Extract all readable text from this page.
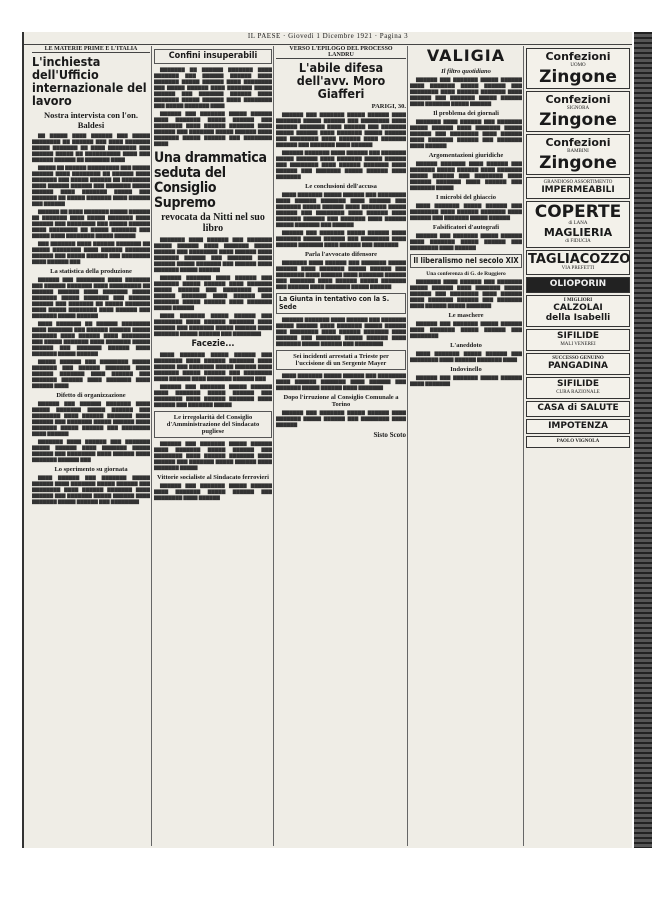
IL PAESE · Giovedì 1 Dicembre 1921 · Pagina 3
LE MATERIE PRIME E L'ITALIA
L'inchiesta dell'Ufficio internazionale del lavoro
Nostra intervista con l'on. Baldesi

▇▇ ▇▇▇▇▇ ▇▇▇▇ ▇▇▇▇▇▇ ▇▇▇ ▇▇▇▇▇ ▇▇▇▇▇▇▇▇ ▇▇ ▇▇▇▇▇▇ ▇▇▇ ▇▇▇▇ ▇▇▇▇▇▇▇ ▇▇▇▇▇ ▇▇▇▇▇▇▇ ▇▇ ▇▇▇▇ ▇▇▇▇▇▇▇▇ ▇▇▇ ▇▇▇▇▇▇ ▇▇▇▇▇ ▇▇ ▇▇▇▇▇▇▇▇▇▇ ▇▇▇▇ ▇▇▇ ▇▇▇▇▇▇ ▇▇▇▇▇▇ ▇▇ ▇▇▇▇▇▇▇ ▇▇▇▇

▇▇▇▇▇ ▇▇ ▇▇▇▇▇▇ ▇▇▇▇▇▇▇▇▇ ▇▇▇ ▇▇▇▇▇ ▇▇▇▇▇▇ ▇▇▇▇ ▇▇▇▇▇▇▇▇ ▇▇ ▇▇▇▇▇▇ ▇▇▇▇ ▇▇▇▇▇▇▇ ▇▇▇ ▇▇▇▇▇ ▇▇▇▇▇▇ ▇▇ ▇▇▇▇▇▇▇▇ ▇▇▇▇ ▇▇▇▇▇▇ ▇▇▇▇▇▇ ▇▇▇ ▇▇▇▇▇▇▇ ▇▇▇▇▇ ▇▇▇▇▇▇ ▇▇▇▇ ▇▇▇▇▇▇▇ ▇▇▇▇▇ ▇▇▇ ▇▇▇▇▇▇▇ ▇▇ ▇▇▇▇▇ ▇▇▇▇▇▇▇ ▇▇▇▇ ▇▇▇▇▇▇ ▇▇▇ ▇▇▇▇▇▇

▇▇▇▇▇▇ ▇▇ ▇▇▇▇ ▇▇▇▇▇▇▇ ▇▇▇▇▇ ▇▇▇▇▇▇ ▇▇ ▇▇▇▇▇▇▇ ▇▇▇▇ ▇▇▇▇▇ ▇▇▇▇▇▇▇ ▇▇▇▇ ▇▇▇▇▇▇ ▇▇▇ ▇▇▇▇▇▇▇▇ ▇▇▇ ▇▇▇▇▇ ▇▇▇▇▇▇ ▇▇▇▇ ▇▇▇▇▇▇▇▇ ▇▇ ▇▇▇▇▇ ▇▇▇▇▇▇▇ ▇▇▇ ▇▇▇▇▇ ▇▇▇▇ ▇▇▇▇▇▇▇▇ ▇▇▇▇▇ ▇▇▇▇▇▇

▇▇▇ ▇▇▇▇▇▇▇ ▇▇▇▇ ▇▇▇▇▇▇ ▇▇▇▇▇▇▇ ▇▇ ▇▇▇▇▇ ▇▇▇▇▇▇▇▇ ▇▇▇▇ ▇▇▇▇▇▇ ▇▇▇▇▇▇▇ ▇▇▇▇▇▇ ▇▇▇ ▇▇▇▇▇ ▇▇▇▇▇▇ ▇▇▇ ▇▇▇▇▇▇▇▇ ▇▇▇▇ ▇▇▇▇▇▇ ▇▇▇

La statistica della produzione

▇▇▇▇▇▇ ▇▇▇ ▇▇▇▇▇▇▇▇ ▇▇▇▇ ▇▇▇▇▇▇▇ ▇▇▇ ▇▇▇▇▇▇ ▇▇▇▇▇▇▇ ▇▇▇▇ ▇▇▇▇▇▇▇▇▇ ▇▇ ▇▇▇▇▇▇ ▇▇▇▇▇▇ ▇▇▇▇ ▇▇▇▇▇▇▇ ▇▇▇▇▇ ▇▇▇▇▇▇▇ ▇▇▇▇▇ ▇▇▇▇▇▇▇ ▇▇▇ ▇▇▇▇▇▇ ▇▇▇▇▇▇ ▇▇▇ ▇▇▇▇▇▇▇ ▇▇ ▇▇▇▇▇ ▇▇▇▇▇▇▇ ▇▇▇▇ ▇▇▇▇▇ ▇▇▇▇▇▇▇▇ ▇▇▇▇ ▇▇▇▇▇▇ ▇▇▇ ▇▇▇▇▇▇▇ ▇▇▇▇▇ ▇▇▇▇▇▇

▇▇▇▇ ▇▇▇▇▇▇▇ ▇▇ ▇▇▇▇▇▇ ▇▇▇▇▇▇▇▇ ▇▇▇▇ ▇▇▇▇▇▇▇ ▇▇▇ ▇▇▇▇▇▇ ▇▇▇▇▇▇ ▇▇▇▇▇ ▇▇▇▇▇▇▇ ▇▇▇▇ ▇▇▇▇▇▇ ▇▇▇▇ ▇▇▇▇▇▇▇▇ ▇▇▇ ▇▇▇▇▇ ▇▇▇▇▇▇▇ ▇▇▇▇ ▇▇▇▇▇▇▇ ▇▇▇▇▇ ▇▇▇▇▇▇ ▇▇▇ ▇▇▇▇▇▇▇ ▇▇▇▇▇▇ ▇▇▇▇ ▇▇▇▇▇▇▇ ▇▇▇▇▇ ▇▇▇▇▇▇

▇▇▇▇▇ ▇▇▇▇▇▇ ▇▇▇ ▇▇▇▇▇▇▇▇ ▇▇▇▇▇ ▇▇▇▇▇▇▇ ▇▇▇ ▇▇▇▇▇▇ ▇▇▇▇▇▇▇ ▇▇▇▇ ▇▇▇▇▇▇ ▇▇▇▇▇▇▇ ▇▇▇▇ ▇▇▇▇▇▇ ▇▇▇ ▇▇▇▇▇▇▇ ▇▇▇▇▇▇ ▇▇▇▇ ▇▇▇▇▇▇▇ ▇▇▇▇ ▇▇▇▇▇▇ ▇▇▇▇

Difetto di organizzazione

▇▇▇▇▇▇ ▇▇▇ ▇▇▇▇▇▇ ▇▇▇▇▇▇▇ ▇▇▇▇ ▇▇▇▇▇ ▇▇▇▇▇▇▇ ▇▇▇▇▇ ▇▇▇▇▇▇ ▇▇▇ ▇▇▇▇▇▇▇▇ ▇▇▇▇ ▇▇▇▇▇▇ ▇▇▇▇▇▇▇ ▇▇▇▇ ▇▇▇▇▇▇ ▇▇▇ ▇▇▇▇▇▇▇ ▇▇▇▇▇ ▇▇▇▇▇▇ ▇▇▇▇ ▇▇▇▇▇▇▇ ▇▇▇▇▇ ▇▇▇▇▇▇ ▇▇▇ ▇▇▇▇▇▇▇▇ ▇▇▇▇ ▇▇▇▇▇▇

▇▇▇▇▇▇▇ ▇▇▇▇ ▇▇▇▇▇▇ ▇▇▇ ▇▇▇▇▇▇▇ ▇▇▇▇▇ ▇▇▇▇▇▇ ▇▇▇▇ ▇▇▇▇▇▇▇ ▇▇▇▇▇ ▇▇▇▇▇▇ ▇▇▇ ▇▇▇▇▇▇▇▇ ▇▇▇▇ ▇▇▇▇▇▇ ▇▇▇▇ ▇▇▇▇▇▇▇ ▇▇▇▇▇▇ ▇▇▇

Lo sperimento su giornata

▇▇▇▇ ▇▇▇▇▇▇ ▇▇▇ ▇▇▇▇▇▇▇ ▇▇▇▇▇ ▇▇▇▇▇▇ ▇▇▇▇ ▇▇▇▇▇▇▇ ▇▇▇▇▇ ▇▇▇▇▇▇ ▇▇▇ ▇▇▇▇▇▇▇▇ ▇▇▇▇ ▇▇▇▇▇▇ ▇▇▇▇▇▇▇ ▇▇▇▇ ▇▇▇▇▇▇ ▇▇▇ ▇▇▇▇▇▇▇ ▇▇▇▇▇ ▇▇▇▇▇▇ ▇▇▇▇ ▇▇▇▇▇▇▇ ▇▇▇▇▇ ▇▇▇▇▇▇ ▇▇▇ ▇▇▇▇▇▇▇▇

Confini insuperabili

▇▇▇▇▇▇▇ ▇▇ ▇▇▇▇▇▇ ▇▇▇▇▇▇▇ ▇▇▇▇ ▇▇▇▇▇▇▇ ▇▇▇ ▇▇▇▇▇▇ ▇▇▇▇▇▇ ▇▇▇▇ ▇▇▇▇▇▇▇ ▇▇▇▇▇ ▇▇▇▇▇▇ ▇▇▇▇ ▇▇▇▇▇▇▇▇ ▇▇▇ ▇▇▇▇▇ ▇▇▇▇▇▇ ▇▇▇▇ ▇▇▇▇▇▇▇ ▇▇▇▇▇ ▇▇▇▇▇▇ ▇▇▇ ▇▇▇▇▇▇▇ ▇▇▇▇▇▇ ▇▇▇▇ ▇▇▇▇▇▇▇ ▇▇▇▇▇ ▇▇▇▇▇▇ ▇▇▇▇ ▇▇▇▇▇▇▇▇ ▇▇▇ ▇▇▇▇▇ ▇▇▇▇▇▇▇ ▇▇▇▇

▇▇▇▇▇▇ ▇▇▇ ▇▇▇▇▇▇▇ ▇▇▇▇▇ ▇▇▇▇▇▇ ▇▇▇▇ ▇▇▇▇▇▇▇ ▇▇▇▇▇ ▇▇▇▇▇▇ ▇▇▇ ▇▇▇▇▇▇▇▇ ▇▇▇▇ ▇▇▇▇▇▇ ▇▇▇▇▇▇▇ ▇▇▇▇ ▇▇▇▇▇▇ ▇▇▇ ▇▇▇▇▇▇▇ ▇▇▇▇▇ ▇▇▇▇▇▇ ▇▇▇▇ ▇▇▇▇▇▇▇ ▇▇▇▇▇ ▇▇▇▇▇▇ ▇▇▇ ▇▇▇▇▇▇▇▇ ▇▇▇▇

Una drammatica seduta del Consiglio Supremo
revocata da Nitti nel suo libro

▇▇▇▇▇▇▇ ▇▇▇▇ ▇▇▇▇▇▇ ▇▇▇ ▇▇▇▇▇▇▇ ▇▇▇▇▇ ▇▇▇▇▇▇ ▇▇▇▇ ▇▇▇▇▇▇▇ ▇▇▇▇▇ ▇▇▇▇▇▇ ▇▇▇ ▇▇▇▇▇▇▇▇ ▇▇▇▇ ▇▇▇▇▇▇ ▇▇▇▇ ▇▇▇▇▇▇▇ ▇▇▇▇▇▇ ▇▇▇ ▇▇▇▇▇▇▇ ▇▇▇▇ ▇▇▇▇▇▇ ▇▇▇▇▇ ▇▇▇▇▇▇▇ ▇▇▇ ▇▇▇▇▇▇ ▇▇▇▇ ▇▇▇▇▇▇▇ ▇▇▇▇▇ ▇▇▇▇▇▇

▇▇▇▇▇▇ ▇▇▇▇▇▇▇ ▇▇▇▇ ▇▇▇▇▇▇ ▇▇▇ ▇▇▇▇▇▇▇ ▇▇▇▇▇ ▇▇▇▇▇▇ ▇▇▇▇ ▇▇▇▇▇▇▇ ▇▇▇▇▇ ▇▇▇▇▇▇ ▇▇▇ ▇▇▇▇▇▇▇▇ ▇▇▇▇ ▇▇▇▇▇▇ ▇▇▇▇▇▇▇ ▇▇▇▇ ▇▇▇▇▇▇ ▇▇▇ ▇▇▇▇▇▇▇ ▇▇▇▇▇ ▇▇▇▇▇▇ ▇▇▇▇ ▇▇▇▇▇▇▇ ▇▇▇▇▇ ▇▇▇▇▇▇

▇▇▇▇ ▇▇▇▇▇▇▇ ▇▇▇▇▇ ▇▇▇▇▇▇ ▇▇▇ ▇▇▇▇▇▇▇▇ ▇▇▇▇ ▇▇▇▇▇▇ ▇▇▇▇▇▇▇ ▇▇▇▇ ▇▇▇▇▇▇ ▇▇▇ ▇▇▇▇▇▇▇ ▇▇▇▇▇ ▇▇▇▇▇▇ ▇▇▇▇ ▇▇▇▇▇▇▇ ▇▇▇▇▇ ▇▇▇▇▇▇ ▇▇▇ ▇▇▇▇▇▇▇▇

Facezie...

▇▇▇▇ ▇▇▇▇▇▇▇ ▇▇▇▇▇ ▇▇▇▇▇▇ ▇▇▇ ▇▇▇▇▇▇▇▇ ▇▇▇▇ ▇▇▇▇▇▇ ▇▇▇▇▇▇▇ ▇▇▇▇ ▇▇▇▇▇▇ ▇▇▇ ▇▇▇▇▇▇▇ ▇▇▇▇▇ ▇▇▇▇▇▇ ▇▇▇▇ ▇▇▇▇▇▇▇ ▇▇▇▇▇ ▇▇▇▇▇▇ ▇▇▇ ▇▇▇▇▇▇▇▇ ▇▇▇▇ ▇▇▇▇▇▇ ▇▇▇▇ ▇▇▇▇▇▇▇ ▇▇▇▇▇▇ ▇▇▇

▇▇▇▇▇▇ ▇▇▇ ▇▇▇▇▇▇▇ ▇▇▇▇▇ ▇▇▇▇▇▇ ▇▇▇▇ ▇▇▇▇▇▇▇ ▇▇▇▇▇ ▇▇▇▇▇▇ ▇▇▇ ▇▇▇▇▇▇▇▇ ▇▇▇▇ ▇▇▇▇▇▇ ▇▇▇▇▇▇▇ ▇▇▇▇ ▇▇▇▇▇▇ ▇▇▇ ▇▇▇▇▇▇▇ ▇▇▇▇▇

Le irregolarità del Consiglio d'Amministrazione del Sindacato pugliese

▇▇▇▇▇▇ ▇▇▇ ▇▇▇▇▇▇▇ ▇▇▇▇▇ ▇▇▇▇▇▇ ▇▇▇▇ ▇▇▇▇▇▇▇ ▇▇▇▇▇ ▇▇▇▇▇▇ ▇▇▇ ▇▇▇▇▇▇▇▇ ▇▇▇▇ ▇▇▇▇▇▇ ▇▇▇▇▇▇▇ ▇▇▇▇ ▇▇▇▇▇▇ ▇▇▇ ▇▇▇▇▇▇▇ ▇▇▇▇▇ ▇▇▇▇▇▇ ▇▇▇▇ ▇▇▇▇▇▇▇ ▇▇▇▇▇

Vittorie socialiste al Sindacato ferrovieri

▇▇▇▇▇▇ ▇▇▇ ▇▇▇▇▇▇▇ ▇▇▇▇▇ ▇▇▇▇▇▇ ▇▇▇▇ ▇▇▇▇▇▇▇ ▇▇▇▇▇ ▇▇▇▇▇▇ ▇▇▇ ▇▇▇▇▇▇▇▇ ▇▇▇▇ ▇▇▇▇▇▇

VERSO L'EPILOGO DEL PROCESSO LANDRU
L'abile difesa dell'avv. Moro Giafferi
PARIGI, 30.

▇▇▇▇▇▇ ▇▇▇ ▇▇▇▇▇▇▇ ▇▇▇▇▇ ▇▇▇▇▇▇ ▇▇▇▇ ▇▇▇▇▇▇▇ ▇▇▇▇▇ ▇▇▇▇▇▇ ▇▇▇ ▇▇▇▇▇▇▇▇ ▇▇▇▇ ▇▇▇▇▇▇ ▇▇▇▇▇▇▇ ▇▇▇▇ ▇▇▇▇▇▇ ▇▇▇ ▇▇▇▇▇▇▇ ▇▇▇▇▇ ▇▇▇▇▇▇ ▇▇▇▇ ▇▇▇▇▇▇▇ ▇▇▇▇▇ ▇▇▇▇▇▇ ▇▇▇ ▇▇▇▇▇▇▇▇ ▇▇▇▇ ▇▇▇▇▇▇ ▇▇▇▇ ▇▇▇▇▇▇▇ ▇▇▇▇▇▇ ▇▇▇ ▇▇▇▇▇▇▇ ▇▇▇▇ ▇▇▇▇▇▇

▇▇▇▇▇▇ ▇▇▇▇▇▇▇ ▇▇▇▇ ▇▇▇▇▇▇ ▇▇▇ ▇▇▇▇▇▇▇ ▇▇▇▇▇ ▇▇▇▇▇▇ ▇▇▇▇ ▇▇▇▇▇▇▇ ▇▇▇▇▇ ▇▇▇▇▇▇ ▇▇▇ ▇▇▇▇▇▇▇▇ ▇▇▇▇ ▇▇▇▇▇▇ ▇▇▇▇▇▇▇ ▇▇▇▇ ▇▇▇▇▇▇ ▇▇▇ ▇▇▇▇▇▇▇ ▇▇▇▇▇ ▇▇▇▇▇▇ ▇▇▇▇ ▇▇▇▇▇▇▇

Le conclusioni dell'accusa

▇▇▇▇ ▇▇▇▇▇▇▇ ▇▇▇▇▇ ▇▇▇▇▇▇ ▇▇▇ ▇▇▇▇▇▇▇▇ ▇▇▇▇ ▇▇▇▇▇▇ ▇▇▇▇▇▇▇ ▇▇▇▇ ▇▇▇▇▇▇ ▇▇▇ ▇▇▇▇▇▇▇ ▇▇▇▇▇ ▇▇▇▇▇▇ ▇▇▇▇ ▇▇▇▇▇▇▇ ▇▇▇▇▇ ▇▇▇▇▇▇ ▇▇▇ ▇▇▇▇▇▇▇▇ ▇▇▇▇ ▇▇▇▇▇▇ ▇▇▇▇ ▇▇▇▇▇▇▇ ▇▇▇▇▇▇ ▇▇▇ ▇▇▇▇▇▇▇ ▇▇▇▇ ▇▇▇▇▇▇ ▇▇▇▇▇ ▇▇▇▇▇▇▇ ▇▇▇ ▇▇▇▇▇▇

▇▇▇▇▇▇ ▇▇▇ ▇▇▇▇▇▇▇ ▇▇▇▇▇ ▇▇▇▇▇▇ ▇▇▇▇ ▇▇▇▇▇▇▇ ▇▇▇▇▇ ▇▇▇▇▇▇ ▇▇▇ ▇▇▇▇▇▇▇▇ ▇▇▇▇ ▇▇▇▇▇▇ ▇▇▇▇▇▇▇ ▇▇▇▇ ▇▇▇▇▇▇ ▇▇▇ ▇▇▇▇▇▇▇

Parla l'avvocato difensore

▇▇▇▇▇▇▇ ▇▇▇▇ ▇▇▇▇▇▇ ▇▇▇ ▇▇▇▇▇▇▇ ▇▇▇▇▇ ▇▇▇▇▇▇ ▇▇▇▇ ▇▇▇▇▇▇▇ ▇▇▇▇▇ ▇▇▇▇▇▇ ▇▇▇ ▇▇▇▇▇▇▇▇ ▇▇▇▇ ▇▇▇▇▇▇ ▇▇▇▇ ▇▇▇▇▇▇▇ ▇▇▇▇▇▇ ▇▇▇ ▇▇▇▇▇▇▇ ▇▇▇▇ ▇▇▇▇▇▇ ▇▇▇▇▇ ▇▇▇▇▇▇▇ ▇▇▇ ▇▇▇▇▇▇ ▇▇▇▇ ▇▇▇▇▇▇▇ ▇▇▇▇▇ ▇▇▇▇▇▇

La Giunta in tentativo con la S. Sede

▇▇▇▇▇▇ ▇▇▇▇▇▇▇ ▇▇▇▇ ▇▇▇▇▇▇ ▇▇▇ ▇▇▇▇▇▇▇ ▇▇▇▇▇ ▇▇▇▇▇▇ ▇▇▇▇ ▇▇▇▇▇▇▇ ▇▇▇▇▇ ▇▇▇▇▇▇ ▇▇▇ ▇▇▇▇▇▇▇▇ ▇▇▇▇ ▇▇▇▇▇▇ ▇▇▇▇▇▇▇ ▇▇▇▇ ▇▇▇▇▇▇ ▇▇▇ ▇▇▇▇▇▇▇ ▇▇▇▇▇ ▇▇▇▇▇▇ ▇▇▇▇ ▇▇▇▇▇▇▇ ▇▇▇▇▇ ▇▇▇▇▇▇ ▇▇▇ ▇▇▇▇▇▇▇▇

Sei incidenti arrestati a Trieste per l'uccisione di un Sergente Mayer

▇▇▇▇ ▇▇▇▇▇▇▇ ▇▇▇▇▇ ▇▇▇▇▇▇ ▇▇▇ ▇▇▇▇▇▇▇▇ ▇▇▇▇ ▇▇▇▇▇▇ ▇▇▇▇▇▇▇ ▇▇▇▇ ▇▇▇▇▇▇ ▇▇▇ ▇▇▇▇▇▇▇ ▇▇▇▇▇ ▇▇▇▇▇▇ ▇▇▇▇ ▇▇▇▇▇▇▇

Dopo l'irruzione al Consiglio Comunale a Torino

▇▇▇▇▇▇ ▇▇▇ ▇▇▇▇▇▇▇ ▇▇▇▇▇ ▇▇▇▇▇▇ ▇▇▇▇ ▇▇▇▇▇▇▇ ▇▇▇▇▇ ▇▇▇▇▇▇ ▇▇▇ ▇▇▇▇▇▇▇▇ ▇▇▇▇ ▇▇▇▇▇▇

Sisto Scoto
VALIGIA
Il filtro quotidiano

▇▇▇▇▇▇ ▇▇▇ ▇▇▇▇▇▇▇ ▇▇▇▇▇ ▇▇▇▇▇▇ ▇▇▇▇ ▇▇▇▇▇▇▇ ▇▇▇▇▇ ▇▇▇▇▇▇ ▇▇▇ ▇▇▇▇▇▇▇▇ ▇▇▇▇ ▇▇▇▇▇▇ ▇▇▇▇▇▇▇ ▇▇▇▇ ▇▇▇▇▇▇ ▇▇▇ ▇▇▇▇▇▇▇ ▇▇▇▇▇ ▇▇▇▇▇▇ ▇▇▇▇ ▇▇▇▇▇▇▇ ▇▇▇▇▇ ▇▇▇▇▇▇

Il problema dei giornali

▇▇▇▇▇▇▇ ▇▇▇▇ ▇▇▇▇▇▇ ▇▇▇ ▇▇▇▇▇▇▇ ▇▇▇▇▇ ▇▇▇▇▇▇ ▇▇▇▇ ▇▇▇▇▇▇▇ ▇▇▇▇▇ ▇▇▇▇▇▇ ▇▇▇ ▇▇▇▇▇▇▇▇ ▇▇▇▇ ▇▇▇▇▇▇ ▇▇▇▇ ▇▇▇▇▇▇▇ ▇▇▇▇▇▇ ▇▇▇ ▇▇▇▇▇▇▇ ▇▇▇▇ ▇▇▇▇▇▇

Argomentazioni giuridiche

▇▇▇▇▇▇ ▇▇▇▇▇▇▇ ▇▇▇▇ ▇▇▇▇▇▇ ▇▇▇ ▇▇▇▇▇▇▇ ▇▇▇▇▇ ▇▇▇▇▇▇ ▇▇▇▇ ▇▇▇▇▇▇▇ ▇▇▇▇▇ ▇▇▇▇▇▇ ▇▇▇ ▇▇▇▇▇▇▇▇ ▇▇▇▇ ▇▇▇▇▇▇ ▇▇▇▇▇▇▇ ▇▇▇▇ ▇▇▇▇▇▇ ▇▇▇ ▇▇▇▇▇▇▇ ▇▇▇▇▇

I microbi del ghiaccio

▇▇▇▇ ▇▇▇▇▇▇▇ ▇▇▇▇▇ ▇▇▇▇▇▇ ▇▇▇ ▇▇▇▇▇▇▇▇ ▇▇▇▇ ▇▇▇▇▇▇ ▇▇▇▇▇▇▇ ▇▇▇▇ ▇▇▇▇▇▇ ▇▇▇ ▇▇▇▇▇▇▇ ▇▇▇▇▇ ▇▇▇▇▇▇

Falsificatori d'autografi

▇▇▇▇▇▇ ▇▇▇ ▇▇▇▇▇▇▇ ▇▇▇▇▇ ▇▇▇▇▇▇ ▇▇▇▇ ▇▇▇▇▇▇▇ ▇▇▇▇▇ ▇▇▇▇▇▇ ▇▇▇ ▇▇▇▇▇▇▇▇ ▇▇▇▇ ▇▇▇▇▇▇

Il liberalismo nel secolo XIX
Una conferenza di G. de Ruggiero

▇▇▇▇▇▇▇ ▇▇▇▇ ▇▇▇▇▇▇ ▇▇▇ ▇▇▇▇▇▇▇ ▇▇▇▇▇ ▇▇▇▇▇▇ ▇▇▇▇ ▇▇▇▇▇▇▇ ▇▇▇▇▇ ▇▇▇▇▇▇ ▇▇▇ ▇▇▇▇▇▇▇▇ ▇▇▇▇ ▇▇▇▇▇▇ ▇▇▇▇ ▇▇▇▇▇▇▇ ▇▇▇▇▇▇ ▇▇▇ ▇▇▇▇▇▇▇ ▇▇▇▇ ▇▇▇▇▇▇ ▇▇▇▇▇ ▇▇▇▇▇▇▇

Le maschere

▇▇▇▇▇▇ ▇▇▇ ▇▇▇▇▇▇▇ ▇▇▇▇▇ ▇▇▇▇▇▇ ▇▇▇▇ ▇▇▇▇▇▇▇ ▇▇▇▇▇ ▇▇▇▇▇▇ ▇▇▇ ▇▇▇▇▇▇▇▇

L'aneddoto

▇▇▇▇ ▇▇▇▇▇▇▇ ▇▇▇▇▇ ▇▇▇▇▇▇ ▇▇▇ ▇▇▇▇▇▇▇▇ ▇▇▇▇ ▇▇▇▇▇▇ ▇▇▇▇▇▇▇ ▇▇▇▇

Indovinello

▇▇▇▇▇▇ ▇▇▇ ▇▇▇▇▇▇▇ ▇▇▇▇▇ ▇▇▇▇▇▇ ▇▇▇▇ ▇▇▇▇▇▇▇

Confezioni
UOMO
Zingone
Confezioni
SIGNORA
Zingone
Confezioni
BAMBINI
Zingone
GRANDIOSO ASSORTIMENTO
IMPERMEABILI
COPERTE
di LANA
MAGLIERIA
di FIDUCIA
TAGLIACOZZO
VIA PREFETTI
OLIOPORIN
I MIGLIORI
CALZOLAI
della Isabelli
SIFILIDE
MALI VENEREI
SUCCESSO GENUINO
PANGADINA
SIFILIDE
CURA RAZIONALE
CASA di SALUTE
IMPOTENZA
PAOLO VIGNOLA
